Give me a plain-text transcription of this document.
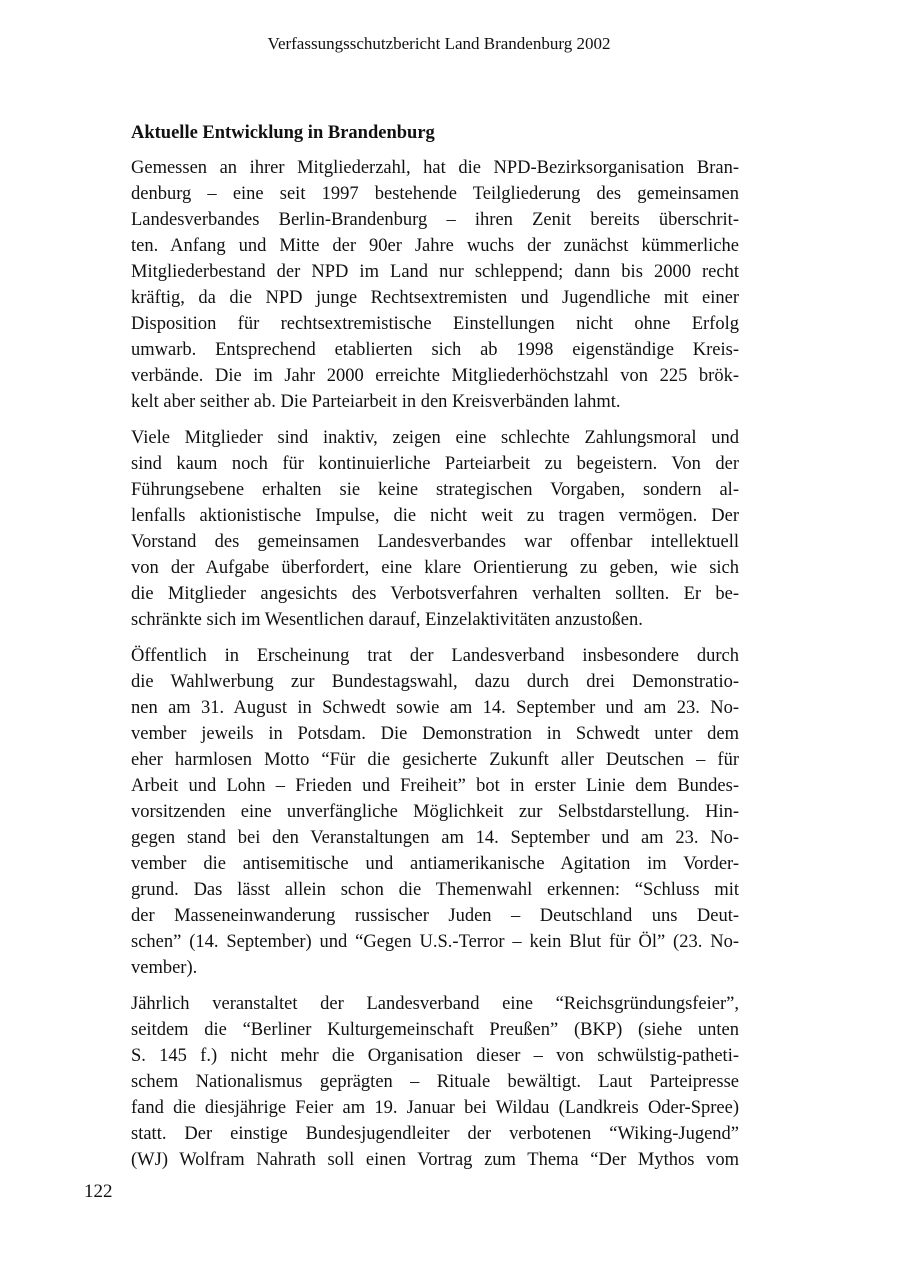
Verfassungsschutzbericht Land Brandenburg 2002
Aktuelle Entwicklung in Brandenburg
Gemessen an ihrer Mitgliederzahl, hat die NPD-Bezirksorganisation Bran-
denburg – eine seit 1997 bestehende Teilgliederung des gemeinsamen
Landesverbandes Berlin-Brandenburg – ihren Zenit bereits überschrit-
ten. Anfang und Mitte der 90er Jahre wuchs der zunächst kümmerliche
Mitgliederbestand der NPD im Land nur schleppend; dann bis 2000 recht
kräftig, da die NPD junge Rechtsextremisten und Jugendliche mit einer
Disposition für rechtsextremistische Einstellungen nicht ohne Erfolg
umwarb. Entsprechend etablierten sich ab 1998 eigenständige Kreis-
verbände. Die im Jahr 2000 erreichte Mitgliederhöchstzahl von 225 brök-
kelt aber seither ab. Die Parteiarbeit in den Kreisverbänden lahmt.
Viele Mitglieder sind inaktiv, zeigen eine schlechte Zahlungsmoral und
sind kaum noch für kontinuierliche Parteiarbeit zu begeistern. Von der
Führungsebene erhalten sie keine strategischen Vorgaben, sondern al-
lenfalls aktionistische Impulse, die nicht weit zu tragen vermögen. Der
Vorstand des gemeinsamen Landesverbandes war offenbar intellektuell
von der Aufgabe überfordert, eine klare Orientierung zu geben, wie sich
die Mitglieder angesichts des Verbotsverfahren verhalten sollten. Er be-
schränkte sich im Wesentlichen darauf, Einzelaktivitäten anzustoßen.
Öffentlich in Erscheinung trat der Landesverband insbesondere durch
die Wahlwerbung zur Bundestagswahl, dazu durch drei Demonstratio-
nen am 31. August in Schwedt sowie am 14. September und am 23. No-
vember jeweils in Potsdam. Die Demonstration in Schwedt unter dem
eher harmlosen Motto “Für die gesicherte Zukunft aller Deutschen – für
Arbeit und Lohn – Frieden und Freiheit” bot in erster Linie dem Bundes-
vorsitzenden eine unverfängliche Möglichkeit zur Selbstdarstellung. Hin-
gegen stand bei den Veranstaltungen am 14. September und am 23. No-
vember die antisemitische und antiamerikanische Agitation im Vorder-
grund. Das lässt allein schon die Themenwahl erkennen: “Schluss mit
der Masseneinwanderung russischer Juden – Deutschland uns Deut-
schen” (14. September) und “Gegen U.S.-Terror – kein Blut für Öl” (23. No-
vember).
Jährlich veranstaltet der Landesverband eine “Reichsgründungsfeier”,
seitdem die “Berliner Kulturgemeinschaft Preußen” (BKP) (siehe unten
S. 145 f.) nicht mehr die Organisation dieser – von schwülstig-patheti-
schem Nationalismus geprägten – Rituale bewältigt. Laut Parteipresse
fand die diesjährige Feier am 19. Januar bei Wildau (Landkreis Oder-Spree)
statt. Der einstige Bundesjugendleiter der verbotenen “Wiking-Jugend”
(WJ) Wolfram Nahrath soll einen Vortrag zum Thema “Der Mythos vom
122
